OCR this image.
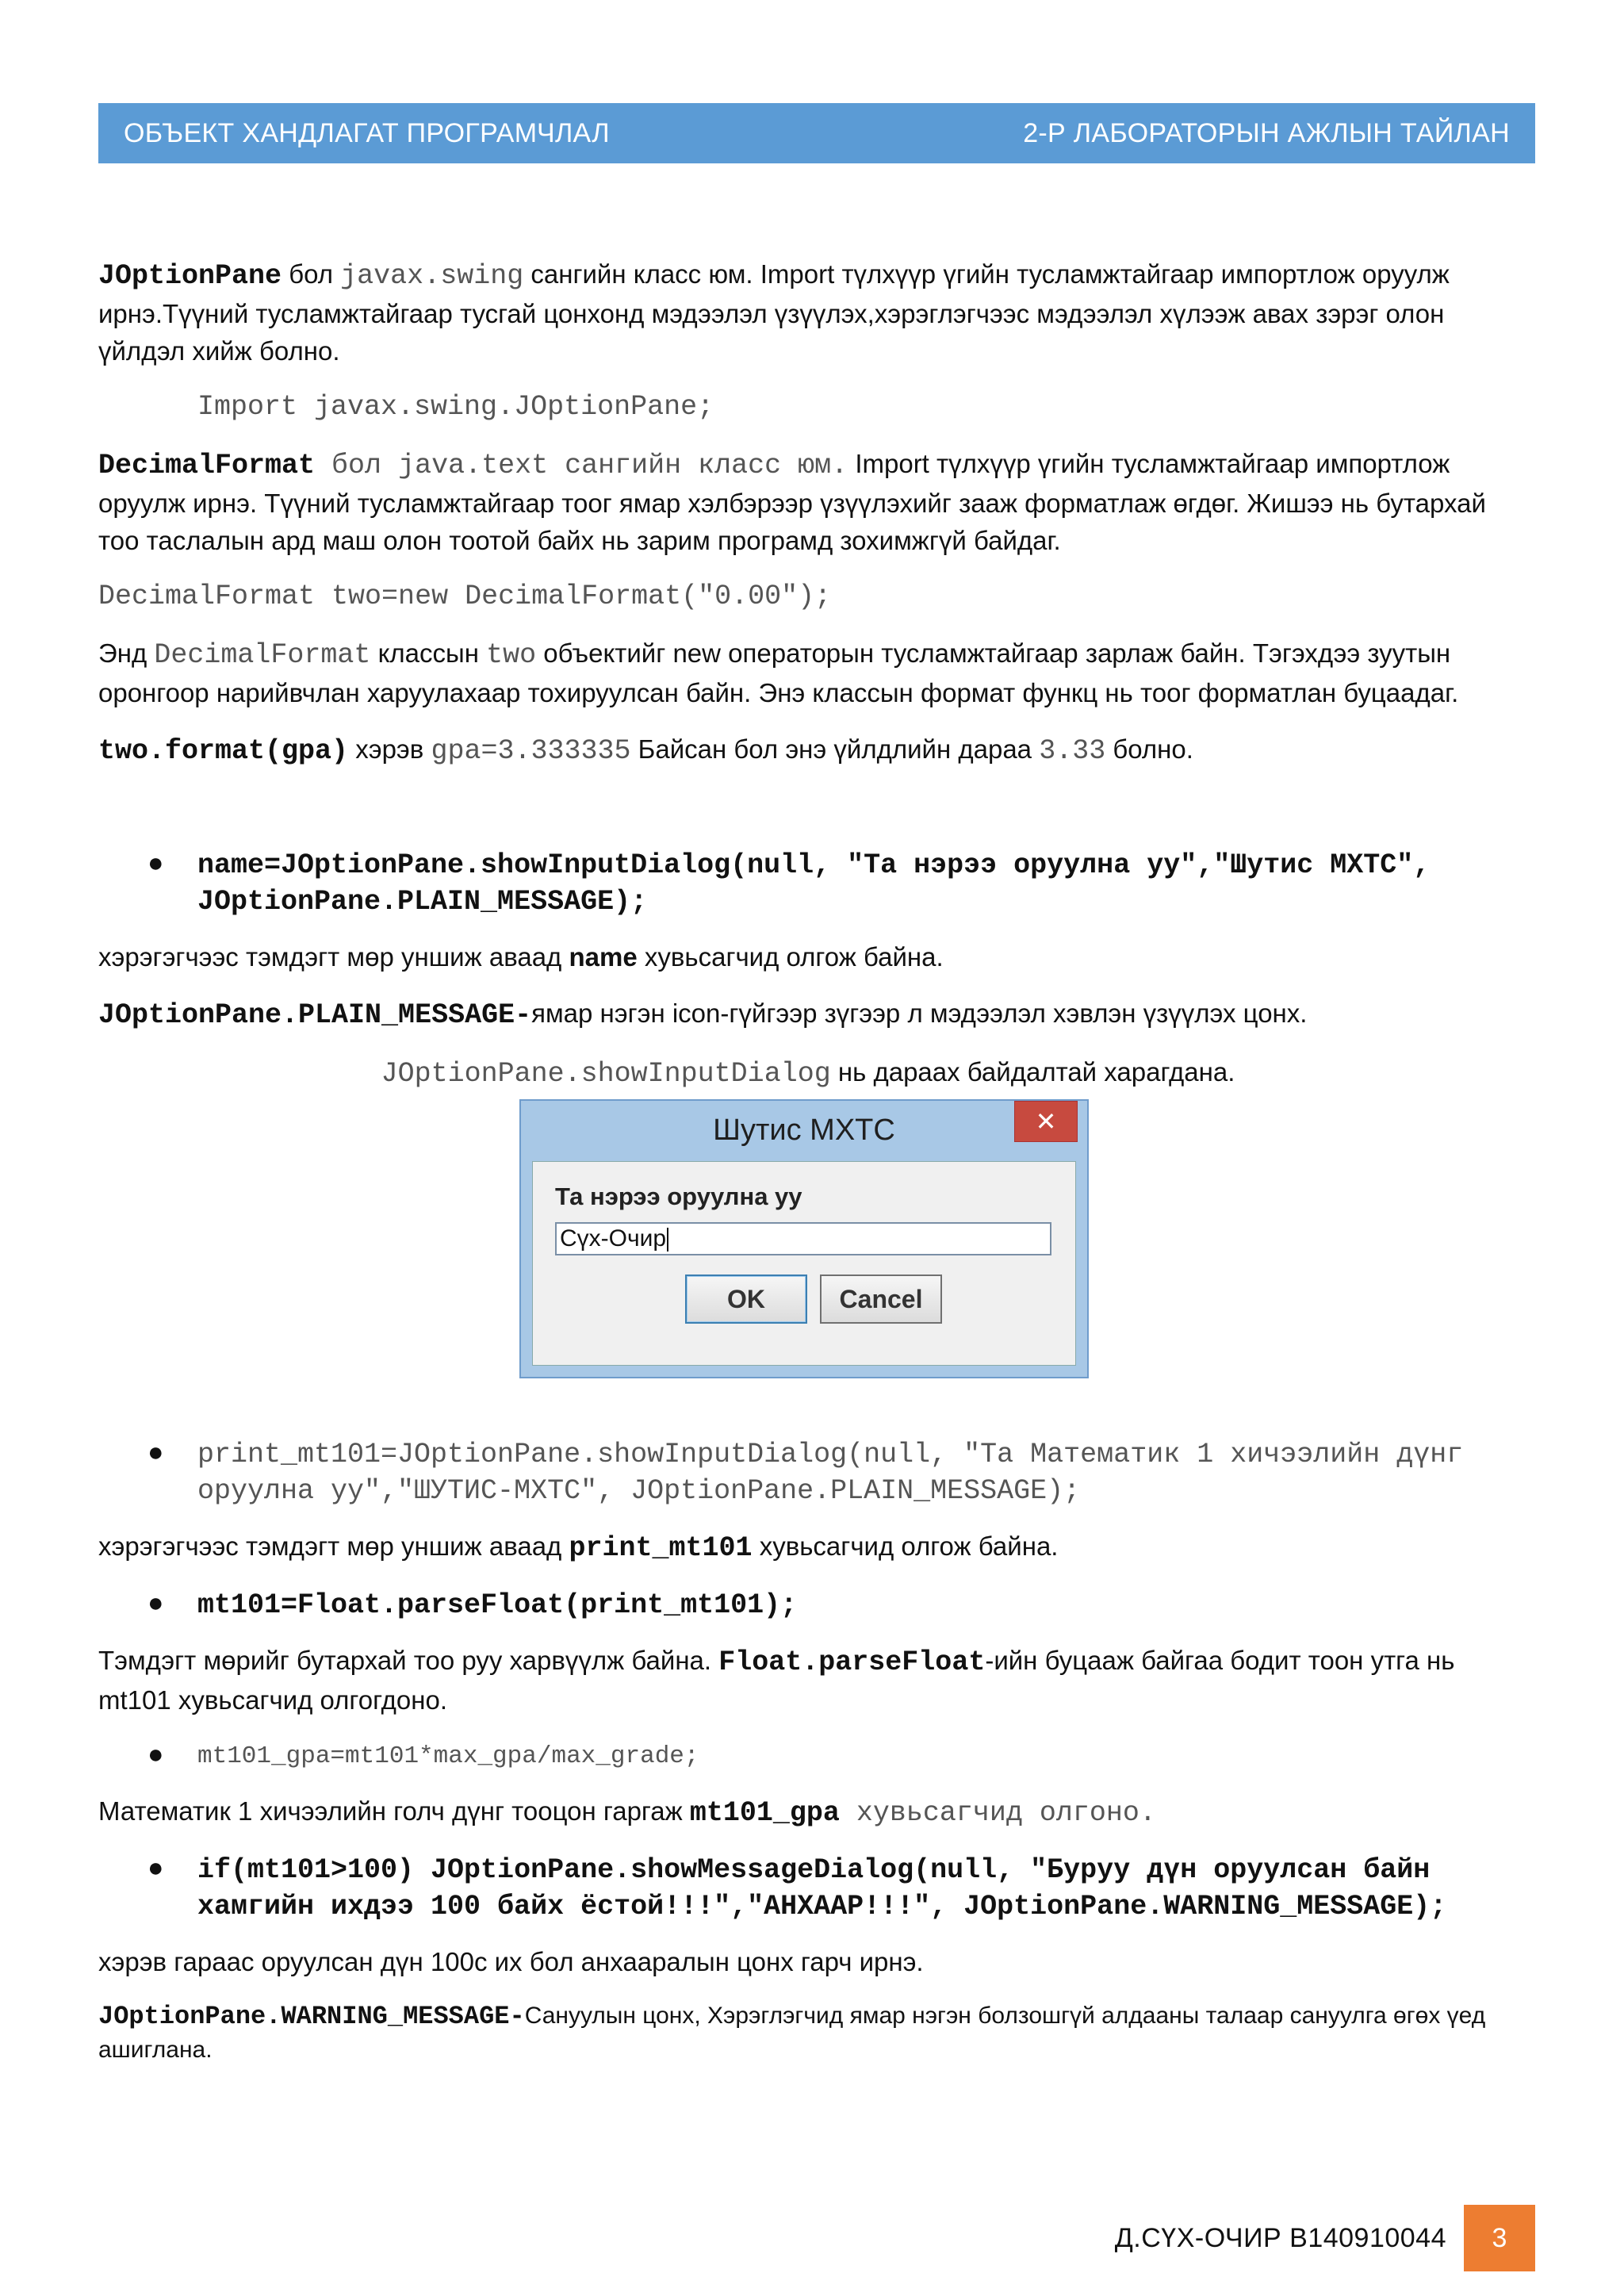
ОБЪЕКТ ХАНДЛАГАТ ПРОГРАМЧЛАЛ	2-Р ЛАБОРАТОРЫН АЖЛЫН ТАЙЛАН

JOptionPane бол javax.swing сангийн класс юм. Import түлхүүр үгийн тусламжтайгаар импортлож оруулж ирнэ.Түүний тусламжтайгаар тусгай цонхонд мэдээлэл үзүүлэх,хэрэглэгчээс мэдээлэл хүлээж авах зэрэг олон үйлдэл хийж болно.

Import javax.swing.JOptionPane;

DecimalFormat бол java.text сангийн класс юм. Import түлхүүр үгийн тусламжтайгаар импортлож оруулж ирнэ. Түүний тусламжтайгаар тоог ямар хэлбэрээр үзүүлэхийг зааж форматлаж өгдөг. Жишээ нь бутархай тоо таслалын ард маш олон тоотой байх нь зарим програмд зохимжгүй байдаг.

DecimalFormat two=new DecimalFormat("0.00");

Энд DecimalFormat классын two объектийг new операторын тусламжтайгаар зарлаж байн. Тэгэхдээ зуутын оронгоор нарийвчлан харуулахаар тохируулсан байн. Энэ классын формат функц нь тоог форматлан буцаадаг.

two.format(gpa) хэрэв gpa=3.333335 Байсан бол энэ үйлдлийн дараа 3.33 болно.

● name=JOptionPane.showInputDialog(null, "Та нэрээ оруулна уу","Шутис МХТС", JOptionPane.PLAIN_MESSAGE);

хэрэгэгчээс тэмдэгт мөр уншиж аваад name хувьсагчид олгож байна.

JOptionPane.PLAIN_MESSAGE-ямар нэгэн icon-гүйгээр зүгээр л мэдээлэл хэвлэн үзүүлэх цонх.

JOptionPane.showInputDialog нь дараах байдалтай харагдана.

Шутис МХТС	✕
Та нэрээ оруулна уу
Сүх-Очир
OK	Cancel
● print_mt101=JOptionPane.showInputDialog(null, "Та Математик 1 хичээлийн дүнг оруулна уу","ШУТИС-МХТС", JOptionPane.PLAIN_MESSAGE);

хэрэгэгчээс тэмдэгт мөр уншиж аваад print_mt101 хувьсагчид олгож байна.

● mt101=Float.parseFloat(print_mt101);

Тэмдэгт мөрийг бутархай тоо руу харвүүлж байна. Float.parseFloat-ийн буцааж байгаа бодит тоон утга нь mt101 хувьсагчид олгогдоно.

● mt101_gpa=mt101*max_gpa/max_grade;

Математик 1 хичээлийн голч дүнг тооцон гаргаж mt101_gpa хувьсагчид олгоно.

● if(mt101>100) JOptionPane.showMessageDialog(null, "Буруу дүн оруулсан байн хамгийн ихдээ 100 байх ёстой!!!","АНХААР!!!", JOptionPane.WARNING_MESSAGE);

хэрэв гараас оруулсан дүн 100с их бол анхааралын цонх гарч ирнэ.

JOptionPane.WARNING_MESSAGE-Сануулын цонх, Хэрэглэгчид ямар нэгэн болзошгүй алдааны талаар сануулга өгөх үед ашиглана.

Д.СҮХ-ОЧИР B140910044	3
